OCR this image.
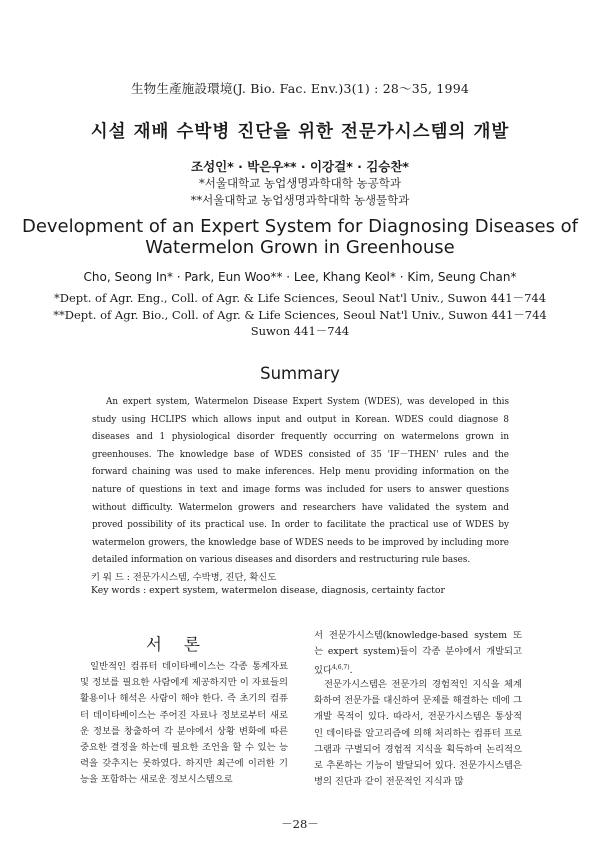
生物生產施設環境(J. Bio. Fac. Env.)3(1) : 28～35, 1994
시설 재배 수박병 진단을 위한 전문가시스템의 개발
조성인* · 박은우** · 이강걸* · 김승찬*
*서울대학교 농업생명과학대학 농공학과
**서울대학교 농업생명과학대학 농생물학과
Development of an Expert System for Diagnosing Diseases of
Watermelon Grown in Greenhouse
Cho, Seong In* · Park, Eun Woo** · Lee, Khang Keol* · Kim, Seung Chan*
*Dept. of Agr. Eng., Coll. of Agr. & Life Sciences, Seoul Nat'l Univ., Suwon 441－744
**Dept. of Agr. Bio., Coll. of Agr. & Life Sciences, Seoul Nat'l Univ., Suwon 441－744
Suwon 441－744
Summary
An expert system, Watermelon Disease Expert System (WDES), was developed in this study using HCLIPS which allows input and output in Korean. WDES could diagnose 8 diseases and 1 physiological disorder frequently occurring on watermelons grown in greenhouses. The knowledge base of WDES consisted of 35 'IF－THEN' rules and the forward chaining was used to make inferences. Help menu providing information on the nature of questions in text and image forms was included for users to answer questions without difficulty. Watermelon growers and researchers have validated the system and proved possibility of its practical use. In order to facilitate the practical use of WDES by watermelon growers, the knowledge base of WDES needs to be improved by including more detailed information on various diseases and disorders and restructuring rule bases.
키 워 드 : 전문가시스템, 수박병, 진단, 확신도
Key words : expert system, watermelon disease, diagnosis, certainty factor
서론
일반적인 컴퓨터 데이타베이스는 각종 통계자료 및 정보를 필요한 사람에게 제공하지만 이 자료들의 활용이나 해석은 사람이 해야 한다. 즉 초기의 컴퓨터 데이타베이스는 주어진 자료나 정보로부터 새로운 정보를 창출하여 각 분야에서 상황 변화에 따른 중요한 결정을 하는데 필요한 조언을 할 수 있는 능력을 갖추지는 못하였다. 하지만 최근에 이러한 기능을 포함하는 새로운 정보시스템으로
서 전문가시스템(knowledge-based system 또는 expert system)들이 각종 분야에서 개발되고 있다$^{4,6,7)}$.
전문가시스템은 전문가의 경험적인 지식을 체계화하여 전문가를 대신하여 문제를 해결하는 데에 그 개발 목적이 있다. 따라서, 전문가시스템은 통상적인 데이타를 알고리즘에 의해 처리하는 컴퓨터 프로그램과 구별되어 경험적 지식을 획득하여 논리적으로 추론하는 기능이 발달되어 있다. 전문가시스템은 병의 진단과 같이 전문적인 지식과 많
－28－
